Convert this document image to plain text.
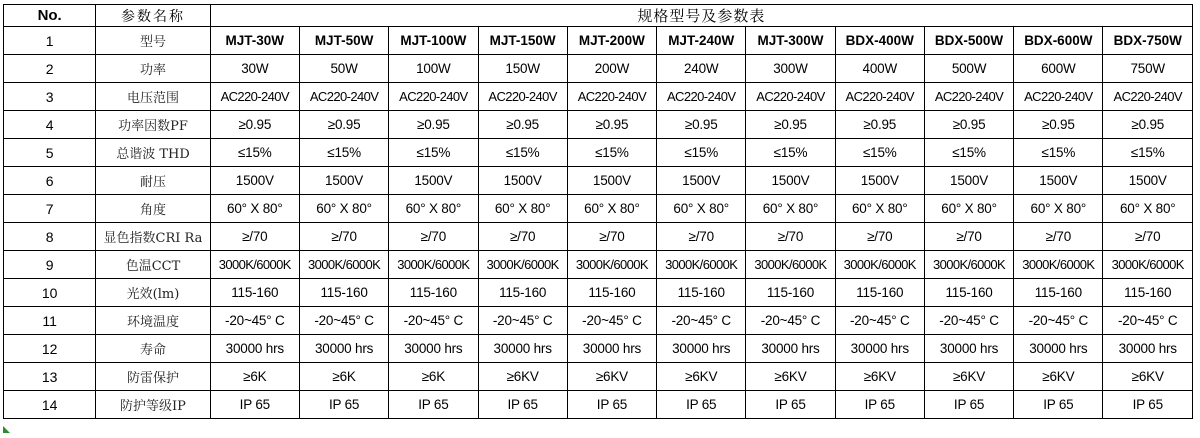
No.	参数名称	规格型号及参数表										
1	型号	MJT-30W	MJT-50W	MJT-100W	MJT-150W	MJT-200W	MJT-240W	MJT-300W	BDX-400W	BDX-500W	BDX-600W	BDX-750W
2	功率	30W	50W	100W	150W	200W	240W	300W	400W	500W	600W	750W
3	电压范围	AC220-240V	AC220-240V	AC220-240V	AC220-240V	AC220-240V	AC220-240V	AC220-240V	AC220-240V	AC220-240V	AC220-240V	AC220-240V
4	功率因数PF	≥0.95	≥0.95	≥0.95	≥0.95	≥0.95	≥0.95	≥0.95	≥0.95	≥0.95	≥0.95	≥0.95
5	总谐波 THD	≤15%	≤15%	≤15%	≤15%	≤15%	≤15%	≤15%	≤15%	≤15%	≤15%	≤15%
6	耐压	1500V	1500V	1500V	1500V	1500V	1500V	1500V	1500V	1500V	1500V	1500V
7	角度	60° X 80°	60° X 80°	60° X 80°	60° X 80°	60° X 80°	60° X 80°	60° X 80°	60° X 80°	60° X 80°	60° X 80°	60° X 80°
8	显色指数CRI Ra	≥/70	≥/70	≥/70	≥/70	≥/70	≥/70	≥/70	≥/70	≥/70	≥/70	≥/70
9	色温CCT	3000K/6000K	3000K/6000K	3000K/6000K	3000K/6000K	3000K/6000K	3000K/6000K	3000K/6000K	3000K/6000K	3000K/6000K	3000K/6000K	3000K/6000K
10	光效(lm)	115-160	115-160	115-160	115-160	115-160	115-160	115-160	115-160	115-160	115-160	115-160
11	环境温度	-20~45° C	-20~45° C	-20~45° C	-20~45° C	-20~45° C	-20~45° C	-20~45° C	-20~45° C	-20~45° C	-20~45° C	-20~45° C
12	寿命	30000 hrs	30000 hrs	30000 hrs	30000 hrs	30000 hrs	30000 hrs	30000 hrs	30000 hrs	30000 hrs	30000 hrs	30000 hrs
13	防雷保护	≥6K	≥6K	≥6K	≥6KV	≥6KV	≥6KV	≥6KV	≥6KV	≥6KV	≥6KV	≥6KV
14	防护等级IP	IP 65	IP 65	IP 65	IP 65	IP 65	IP 65	IP 65	IP 65	IP 65	IP 65	IP 65
